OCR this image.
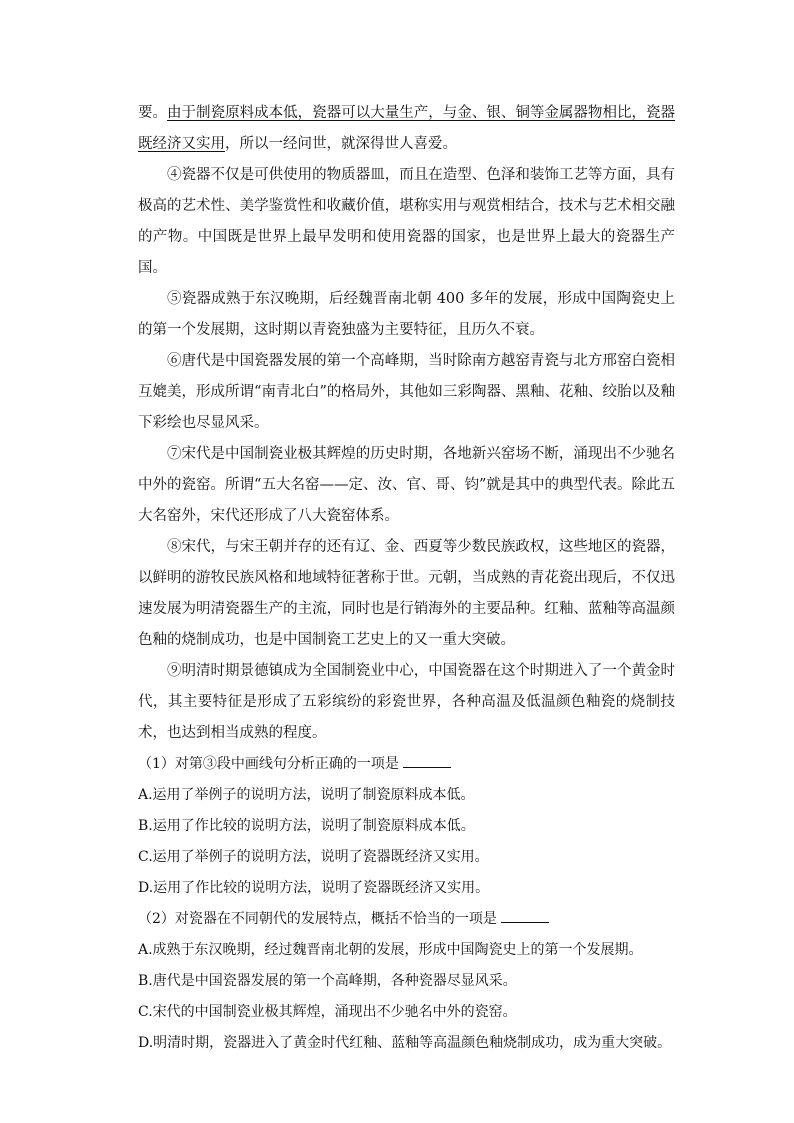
要。由于制瓷原料成本低，瓷器可以大量生产，与金、银、铜等金属器物相比，瓷器既经济又实用，所以一经问世，就深得世人喜爱。

④瓷器不仅是可供使用的物质器皿，而且在造型、色泽和装饰工艺等方面，具有极高的艺术性、美学鉴赏性和收藏价值，堪称实用与观赏相结合，技术与艺术相交融的产物。中国既是世界上最早发明和使用瓷器的国家，也是世界上最大的瓷器生产国。

⑤瓷器成熟于东汉晚期，后经魏晋南北朝 400 多年的发展，形成中国陶瓷史上的第一个发展期，这时期以青瓷独盛为主要特征，且历久不衰。

⑥唐代是中国瓷器发展的第一个高峰期，当时除南方越窑青瓷与北方邢窑白瓷相互媲美，形成所谓“南青北白”的格局外，其他如三彩陶器、黑釉、花釉、绞胎以及釉下彩绘也尽显风采。

⑦宋代是中国制瓷业极其辉煌的历史时期，各地新兴窑场不断，涌现出不少驰名中外的瓷窑。所谓“五大名窑——定、汝、官、哥、钧”就是其中的典型代表。除此五大名窑外，宋代还形成了八大瓷窑体系。

⑧宋代，与宋王朝并存的还有辽、金、西夏等少数民族政权，这些地区的瓷器，以鲜明的游牧民族风格和地域特征著称于世。元朝，当成熟的青花瓷出现后，不仅迅速发展为明清瓷器生产的主流，同时也是行销海外的主要品种。红釉、蓝釉等高温颜色釉的烧制成功，也是中国制瓷工艺史上的又一重大突破。

⑨明清时期景德镇成为全国制瓷业中心，中国瓷器在这个时期进入了一个黄金时代，其主要特征是形成了五彩缤纷的彩瓷世界，各种高温及低温颜色釉瓷的烧制技术，也达到相当成熟的程度。

（1）对第③段中画线句分析正确的一项是

A.运用了举例子的说明方法，说明了制瓷原料成本低。

B.运用了作比较的说明方法，说明了制瓷原料成本低。

C.运用了举例子的说明方法，说明了瓷器既经济又实用。

D.运用了作比较的说明方法，说明了瓷器既经济又实用。

（2）对瓷器在不同朝代的发展特点，概括不恰当的一项是

A.成熟于东汉晚期，经过魏晋南北朝的发展，形成中国陶瓷史上的第一个发展期。

B.唐代是中国瓷器发展的第一个高峰期，各种瓷器尽显风采。

C.宋代的中国制瓷业极其辉煌，涌现出不少驰名中外的瓷窑。

D.明清时期，瓷器进入了黄金时代红釉、蓝釉等高温颜色釉烧制成功，成为重大突破。
